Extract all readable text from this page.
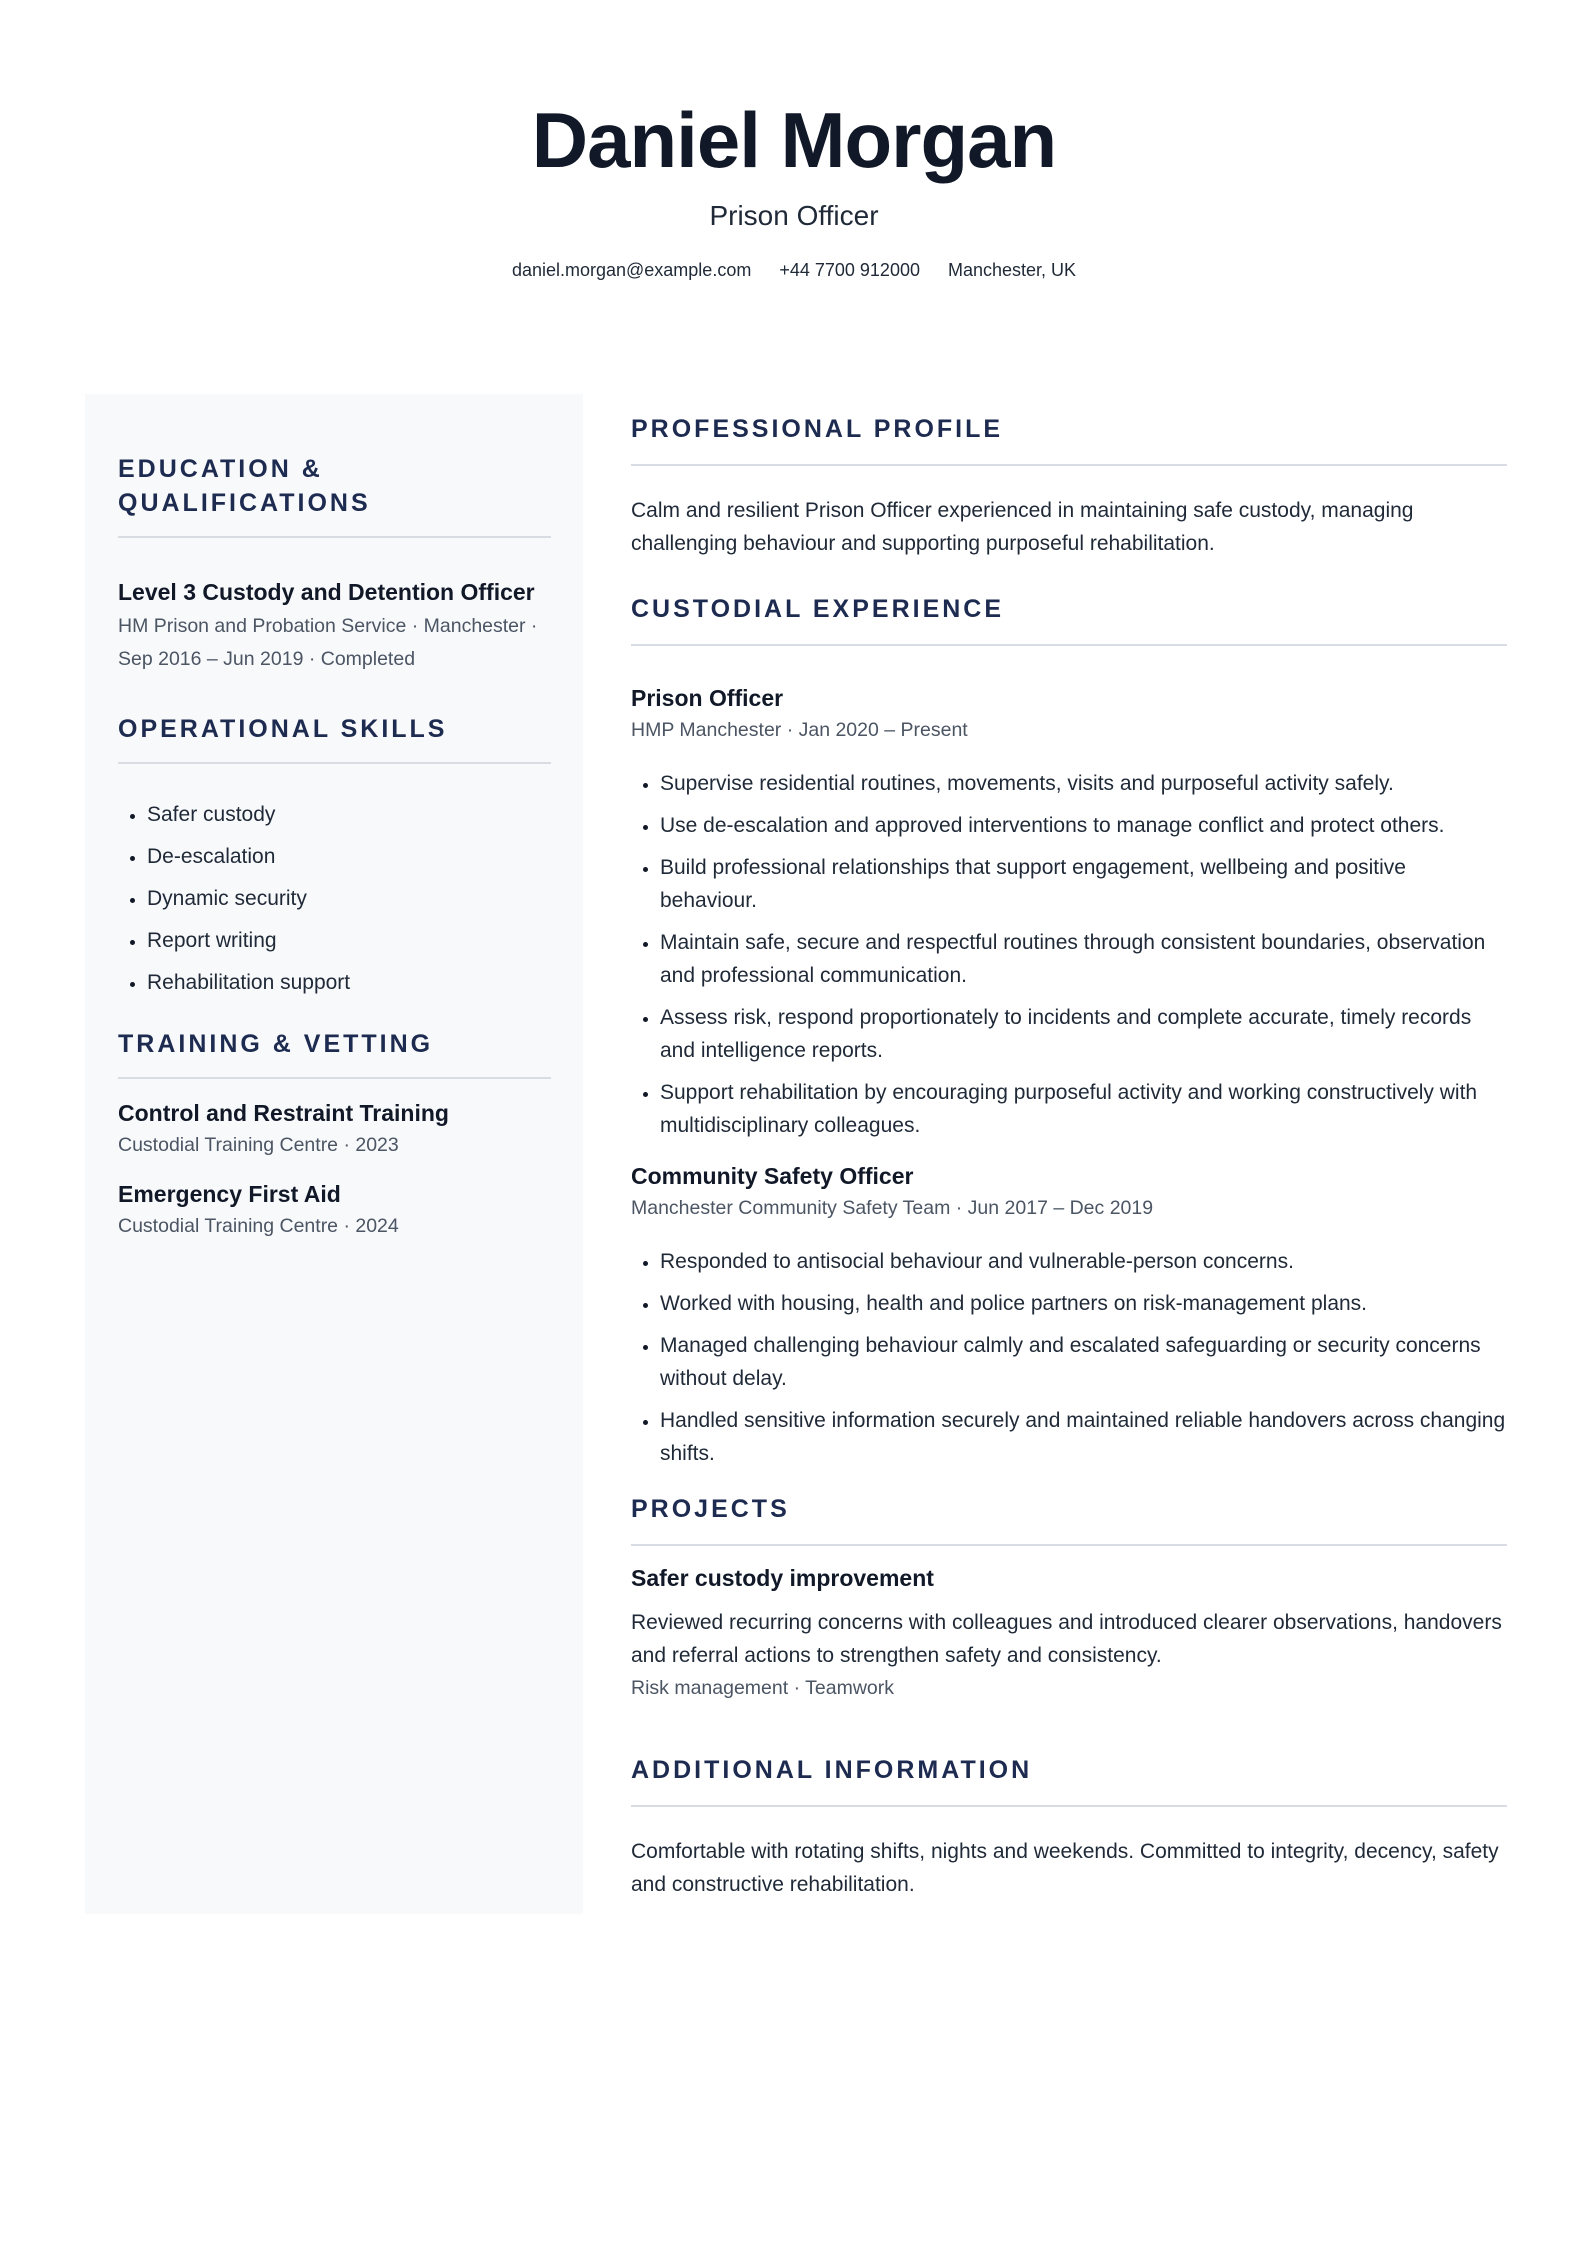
Daniel Morgan
Prison Officer
daniel.morgan@example.com +44 7700 912000 Manchester, UK
EDUCATION & QUALIFICATIONS
Level 3 Custody and Detention Officer
HM Prison and Probation Service · Manchester · Sep 2016 – Jun 2019 · Completed
OPERATIONAL SKILLS
• Safer custody
• De-escalation
• Dynamic security
• Report writing
• Rehabilitation support
TRAINING & VETTING
Control and Restraint Training
Custodial Training Centre · 2023
Emergency First Aid
Custodial Training Centre · 2024
PROFESSIONAL PROFILE

Calm and resilient Prison Officer experienced in maintaining safe custody, managing challenging behaviour and supporting purposeful rehabilitation.

CUSTODIAL EXPERIENCE
Prison Officer
HMP Manchester · Jan 2020 – Present
• Supervise residential routines, movements, visits and purposeful activity safely.
• Use de-escalation and approved interventions to manage conflict and protect others.
• Build professional relationships that support engagement, wellbeing and positive behaviour.
• Maintain safe, secure and respectful routines through consistent boundaries, observation and professional communication.
• Assess risk, respond proportionately to incidents and complete accurate, timely records and intelligence reports.
• Support rehabilitation by encouraging purposeful activity and working constructively with multidisciplinary colleagues.
Community Safety Officer
Manchester Community Safety Team · Jun 2017 – Dec 2019
• Responded to antisocial behaviour and vulnerable-person concerns.
• Worked with housing, health and police partners on risk-management plans.
• Managed challenging behaviour calmly and escalated safeguarding or security concerns without delay.
• Handled sensitive information securely and maintained reliable handovers across changing shifts.
PROJECTS
Safer custody improvement

Reviewed recurring concerns with colleagues and introduced clearer observations, handovers and referral actions to strengthen safety and consistency.

Risk management · Teamwork
ADDITIONAL INFORMATION

Comfortable with rotating shifts, nights and weekends. Committed to integrity, decency, safety and constructive rehabilitation.
